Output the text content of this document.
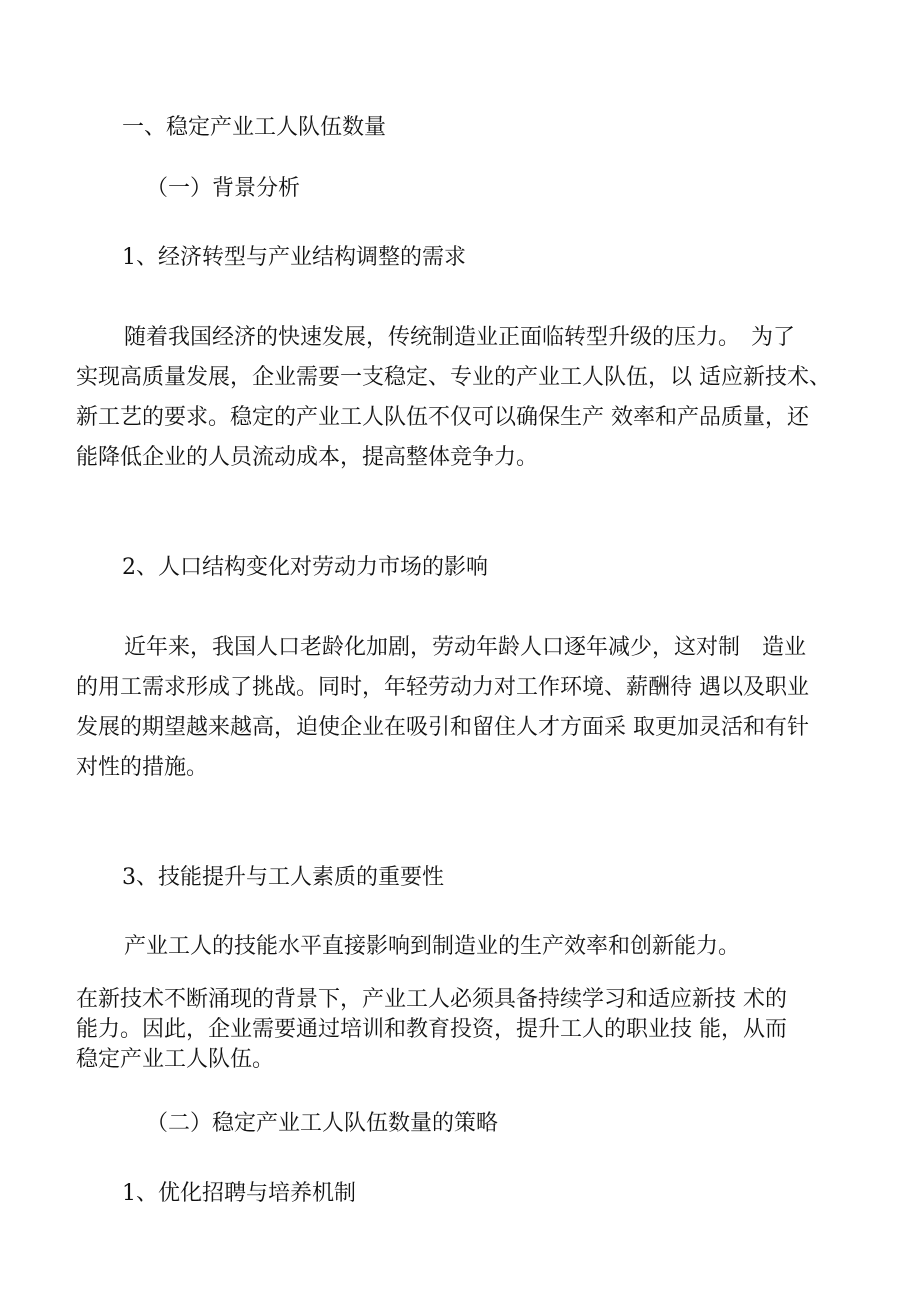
一、稳定产业工人队伍数量
（一）背景分析
1、经济转型与产业结构调整的需求
随着我国经济的快速发展，传统制造业正面临转型升级的压力。　为了
实现高质量发展，企业需要一支稳定、专业的产业工人队伍，以 适应新技术、
新工艺的要求。稳定的产业工人队伍不仅可以确保生产 效率和产品质量，还
能降低企业的人员流动成本，提高整体竞争力。
2、人口结构变化对劳动力市场的影响
近年来，我国人口老龄化加剧，劳动年龄人口逐年减少，这对制　造业
的用工需求形成了挑战。同时，年轻劳动力对工作环境、薪酬待 遇以及职业
发展的期望越来越高，迫使企业在吸引和留住人才方面采 取更加灵活和有针
对性的措施。
3、技能提升与工人素质的重要性

产业工人的技能水平直接影响到制造业的生产效率和创新能力。

在新技术不断涌现的背景下，产业工人必须具备持续学习和适应新技 术的
能力。因此，企业需要通过培训和教育投资，提升工人的职业技 能，从而
稳定产业工人队伍。
（二）稳定产业工人队伍数量的策略
1、优化招聘与培养机制
